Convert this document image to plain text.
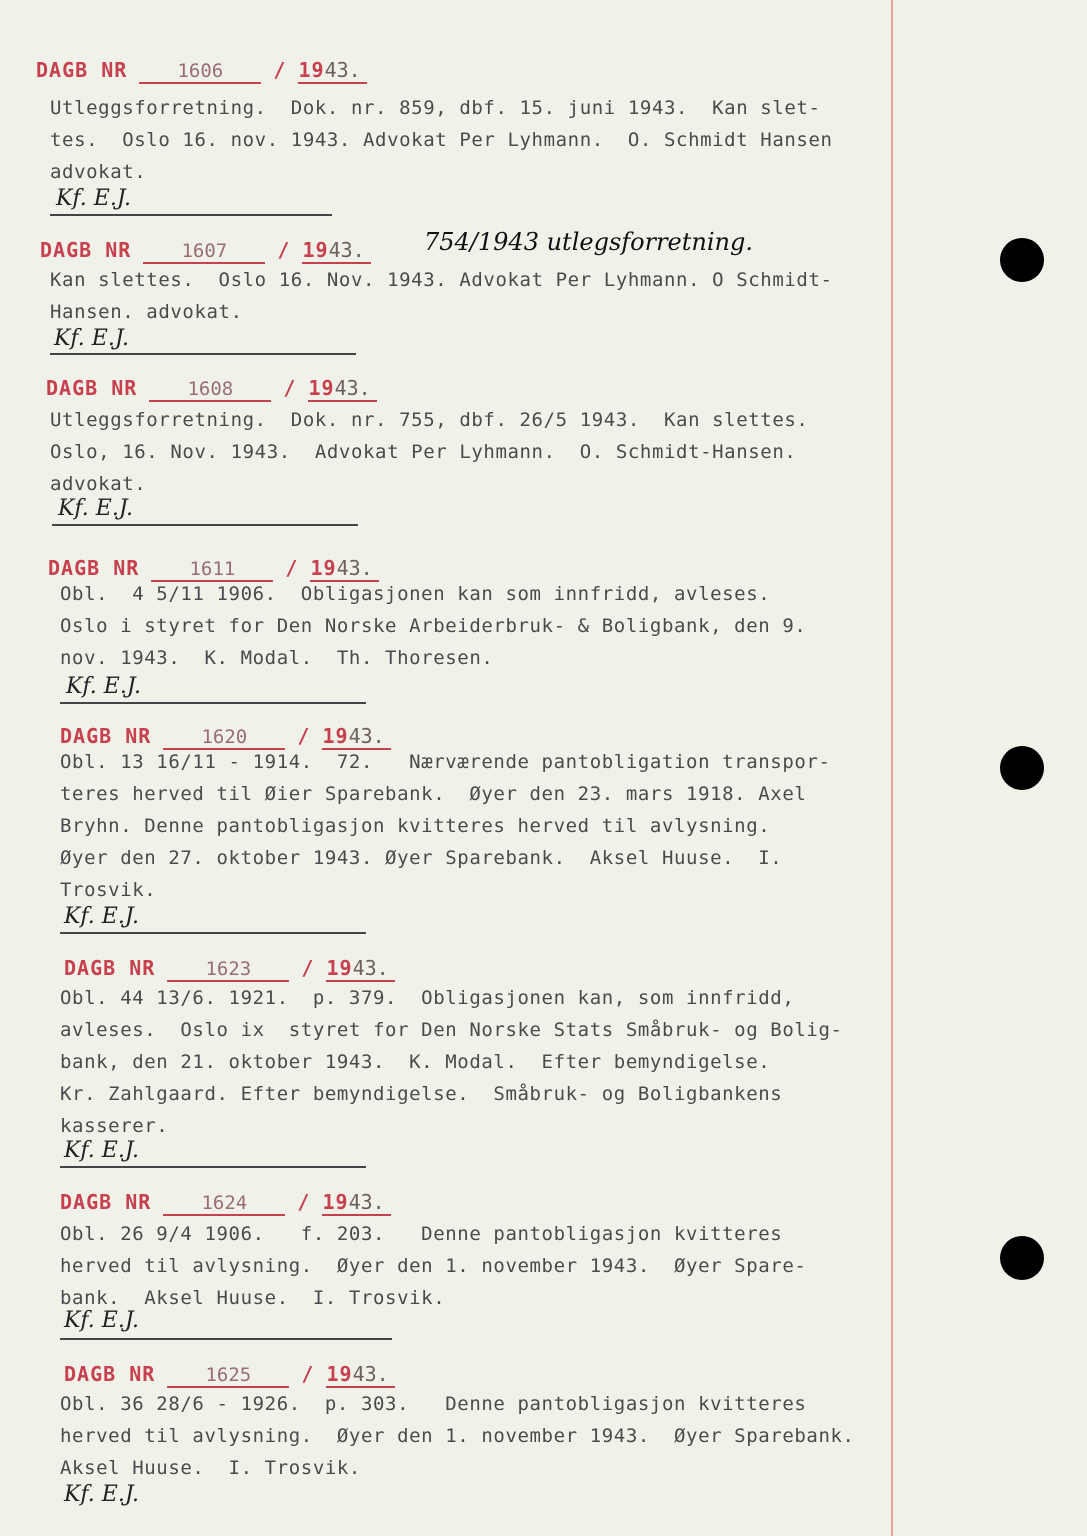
DAGB NR	1606	/ 1943.
Utleggsforretning.  Dok. nr. 859, dbf. 15. juni 1943.  Kan slet-
tes.  Oslo 16. nov. 1943. Advokat Per Lyhmann.  O. Schmidt Hansen
advokat.
Kf. E.J.
DAGB NR	1607	/ 1943. 754/1943 utlegsforretning.
Kan slettes.  Oslo 16. Nov. 1943. Advokat Per Lyhmann. O Schmidt-
Hansen. advokat.
Kf. E.J.
DAGB NR	1608	/ 1943.
Utleggsforretning.  Dok. nr. 755, dbf. 26/5 1943.  Kan slettes.
Oslo, 16. Nov. 1943.  Advokat Per Lyhmann.  O. Schmidt-Hansen.
advokat.
Kf. E.J.
DAGB NR	1611	/ 1943.
Obl.  4 5/11 1906.  Obligasjonen kan som innfridd, avleses.
Oslo i styret for Den Norske Arbeiderbruk- & Boligbank, den 9.
nov. 1943.  K. Modal.  Th. Thoresen.
Kf. E.J.
DAGB NR	1620	/ 1943.
Obl. 13 16/11 - 1914.  72.   Nærværende pantobligation transpor-
teres herved til Øier Sparebank.  Øyer den 23. mars 1918. Axel
Bryhn. Denne pantobligasjon kvitteres herved til avlysning.
Øyer den 27. oktober 1943. Øyer Sparebank.  Aksel Huuse.  I.
Trosvik.
Kf. E.J.
DAGB NR	1623	/ 1943.
Obl. 44 13/6. 1921.  p. 379.  Obligasjonen kan, som innfridd,
avleses.  Oslo ix  styret for Den Norske Stats Småbruk- og Bolig-
bank, den 21. oktober 1943.  K. Modal.  Efter bemyndigelse.
Kr. Zahlgaard. Efter bemyndigelse.  Småbruk- og Boligbankens
kasserer.
Kf. E.J.
DAGB NR	1624	/ 1943.
Obl. 26 9/4 1906.   f. 203.   Denne pantobligasjon kvitteres
herved til avlysning.  Øyer den 1. november 1943.  Øyer Spare-
bank.  Aksel Huuse.  I. Trosvik.
Kf. E.J.
DAGB NR	1625	/ 1943.
Obl. 36 28/6 - 1926.  p. 303.   Denne pantobligasjon kvitteres
herved til avlysning.  Øyer den 1. november 1943.  Øyer Sparebank.
Aksel Huuse.  I. Trosvik.
Kf. E.J.
